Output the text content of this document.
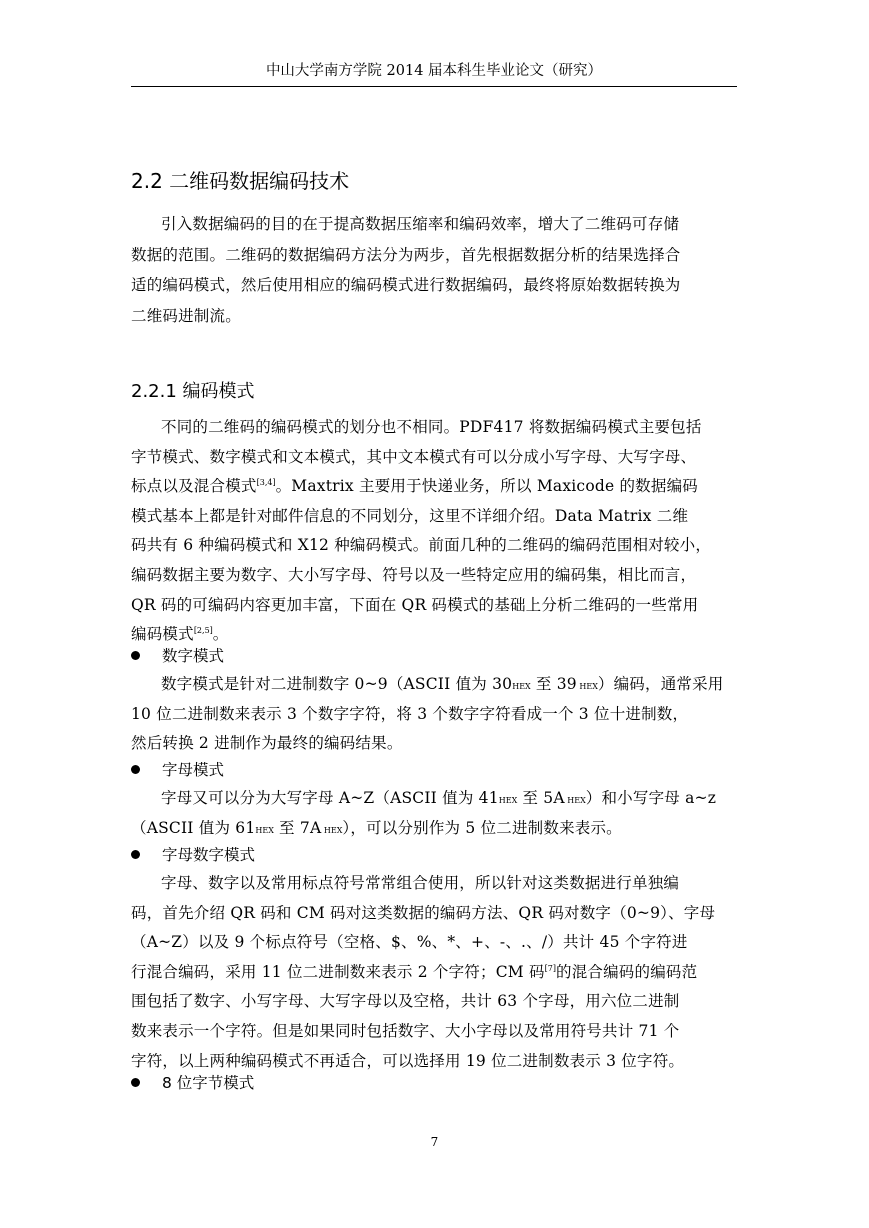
中山大学南方学院 2014 届本科生毕业论文（研究）
2.2 二维码数据编码技术
引入数据编码的目的在于提高数据压缩率和编码效率，增大了二维码可存储
数据的范围。二维码的数据编码方法分为两步，首先根据数据分析的结果选择合
适的编码模式，然后使用相应的编码模式进行数据编码，最终将原始数据转换为
二维码进制流。
2.2.1 编码模式
不同的二维码的编码模式的划分也不相同。PDF417 将数据编码模式主要包括
字节模式、数字模式和文本模式，其中文本模式有可以分成小写字母、大写字母、
标点以及混合模式[3,4]。Maxtrix 主要用于快递业务，所以 Maxicode 的数据编码
模式基本上都是针对邮件信息的不同划分，这里不详细介绍。Data Matrix 二维
码共有 6 种编码模式和 X12 种编码模式。前面几种的二维码的编码范围相对较小，
编码数据主要为数字、大小写字母、符号以及一些特定应用的编码集，相比而言，
QR 码的可编码内容更加丰富，下面在 QR 码模式的基础上分析二维码的一些常用
编码模式[2,5]。
数字模式
数字模式是针对二进制数字 0~9（ASCII 值为 30HEX 至 39 HEX）编码，通常采用
10 位二进制数来表示 3 个数字字符，将 3 个数字字符看成一个 3 位十进制数，
然后转换 2 进制作为最终的编码结果。
字母模式
字母又可以分为大写字母 A~Z（ASCII 值为 41HEX 至 5A HEX）和小写字母 a~z
（ASCII 值为 61HEX 至 7A HEX），可以分别作为 5 位二进制数来表示。
字母数字模式
字母、数字以及常用标点符号常常组合使用，所以针对这类数据进行单独编
码，首先介绍 QR 码和 CM 码对这类数据的编码方法、QR 码对数字（0~9）、字母
（A~Z）以及 9 个标点符号（空格、$、%、*、+、-、.、/）共计 45 个字符进
行混合编码，采用 11 位二进制数来表示 2 个字符；CM 码[7]的混合编码的编码范
围包括了数字、小写字母、大写字母以及空格，共计 63 个字母，用六位二进制
数来表示一个字符。但是如果同时包括数字、大小字母以及常用符号共计 71 个
字符，以上两种编码模式不再适合，可以选择用 19 位二进制数表示 3 位字符。
8 位字节模式
7
